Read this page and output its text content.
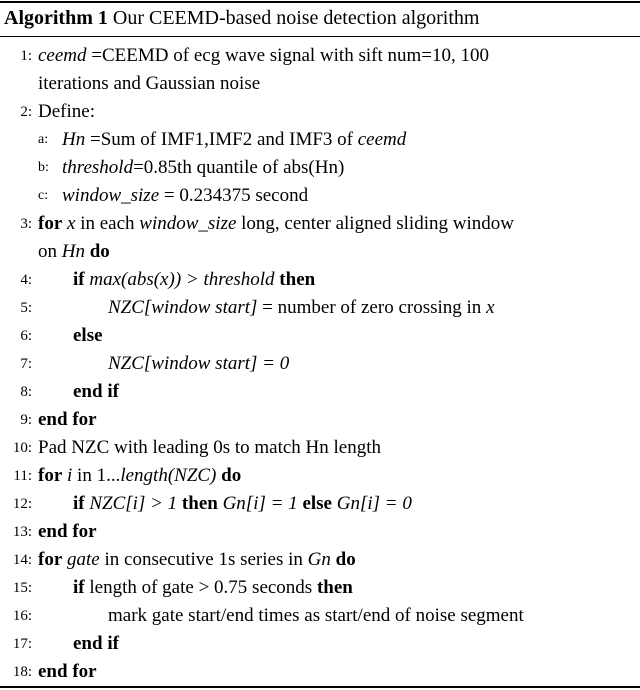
Algorithm 1 Our CEEMD-based noise detection algorithm
1: ceemd =CEEMD of ecg wave signal with sift num=10, 100
iterations and Gaussian noise
2: Define:
a: Hn =Sum of IMF1,IMF2 and IMF3 of ceemd
b: threshold=0.85th quantile of abs(Hn)
c: window_size = 0.234375 second
3: for x in each window_size long, center aligned sliding window
on Hn do
4: if max(abs(x)) > threshold then
5:	NZC[window start] = number of zero crossing in x
6: else
7:	NZC[window start] = 0
8: end if
9: end for
10: Pad NZC with leading 0s to match Hn length
11: for i in 1...length(NZC) do
12: if NZC[i] > 1 then Gn[i] = 1 else Gn[i] = 0
13: end for
14: for gate in consecutive 1s series in Gn do
15: if length of gate > 0.75 seconds then
16:	mark gate start/end times as start/end of noise segment
17: end if
18: end for
